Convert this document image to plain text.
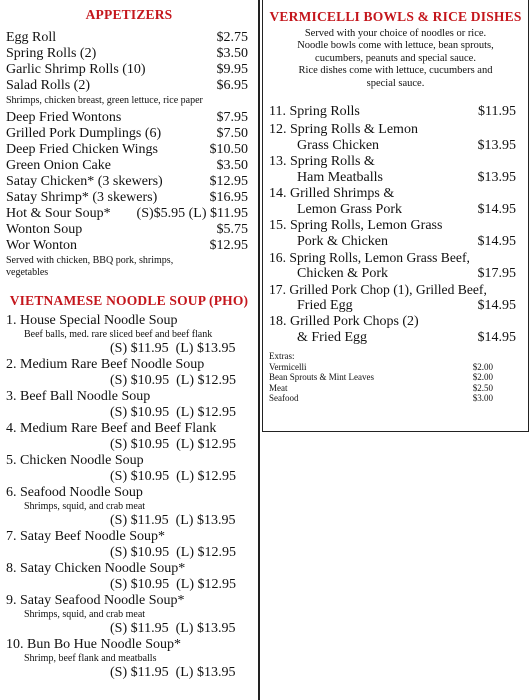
APPETIZERS
Egg Roll	$2.75
Spring Rolls (2)	$3.50
Garlic Shrimp Rolls (10)	$9.95
Salad Rolls (2)	$6.95
Shrimps, chicken breast, green lettuce, rice paper
Deep Fried Wontons	$7.95
Grilled Pork Dumplings (6)	$7.50
Deep Fried Chicken Wings	$10.50
Green Onion Cake	$3.50
Satay Chicken* (3 skewers)	$12.95
Satay Shrimp* (3 skewers)	$16.95
Hot & Sour Soup* (S)$5.95 (L) $11.95
Wonton Soup	$5.75
Wor Wonton	$12.95
Served with chicken, BBQ pork, shrimps, vegetables
VIETNAMESE NOODLE SOUP (PHO)
1. House Special Noodle Soup
Beef balls, med. rare sliced beef and beef flank
(S) $11.95 (L) $13.95
2. Medium Rare Beef Noodle Soup
(S) $10.95 (L) $12.95
3. Beef Ball Noodle Soup
(S) $10.95 (L) $12.95
4. Medium Rare Beef and Beef Flank
(S) $10.95 (L) $12.95
5. Chicken Noodle Soup
(S) $10.95 (L) $12.95
6. Seafood Noodle Soup
Shrimps, squid, and crab meat
(S) $11.95 (L) $13.95
7. Satay Beef Noodle Soup*
(S) $10.95 (L) $12.95
8. Satay Chicken Noodle Soup*
(S) $10.95 (L) $12.95
9. Satay Seafood Noodle Soup*
Shrimps, squid, and crab meat
(S) $11.95 (L) $13.95
10. Bun Bo Hue Noodle Soup*
Shrimp, beef flank and meatballs
(S) $11.95 (L) $13.95
VERMICELLI BOWLS & RICE DISHES
Served with your choice of noodles or rice.
Noodle bowls come with lettuce, bean sprouts,
cucumbers, peanuts and special sauce.
Rice dishes come with lettuce, cucumbers and
special sauce.
11. Spring Rolls	$11.95
12. Spring Rolls & Lemon
Grass Chicken	$13.95
13. Spring Rolls &
Ham Meatballs	$13.95
14. Grilled Shrimps &
Lemon Grass Pork	$14.95
15. Spring Rolls, Lemon Grass
Pork & Chicken	$14.95
16. Spring Rolls, Lemon Grass Beef,
Chicken & Pork	$17.95
17. Grilled Pork Chop (1), Grilled Beef,
Fried Egg	$14.95
18. Grilled Pork Chops (2)
& Fried Egg	$14.95
Extras:
Vermicelli	$2.00
Bean Sprouts & Mint Leaves	$2.00
Meat	$2.50
Seafood	$3.00
